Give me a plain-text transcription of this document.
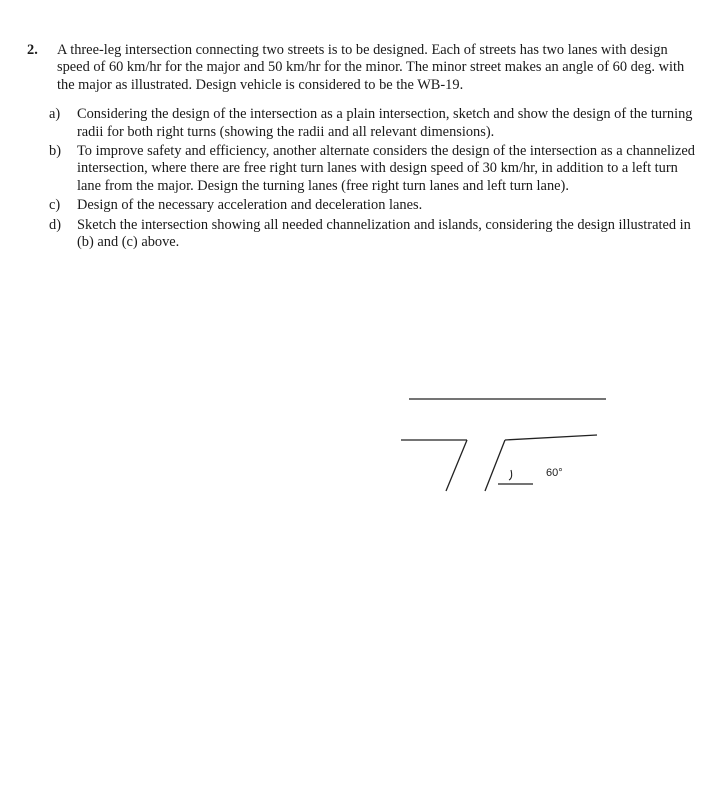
2.	A three-leg intersection connecting two streets is to be designed. Each of streets has two lanes with design speed of 60 km/hr for the major and 50 km/hr for the minor. The minor street makes an angle of 60 deg. with the major as illustrated. Design vehicle is considered to be the WB-19.
a)	Considering the design of the intersection as a plain intersection, sketch and show the design of the turning radii for both right turns (showing the radii and all relevant dimensions).
b)	To improve safety and efficiency, another alternate considers the design of the intersection as a channelized intersection, where there are free right turn lanes with design speed of 30 km/hr, in addition to a left turn lane from the major. Design the turning lanes (free right turn lanes and left turn lane).
c)	Design of the necessary acceleration and deceleration lanes.
d)	Sketch the intersection showing all needed channelization and islands, considering the design illustrated in (b) and (c) above.
60°
